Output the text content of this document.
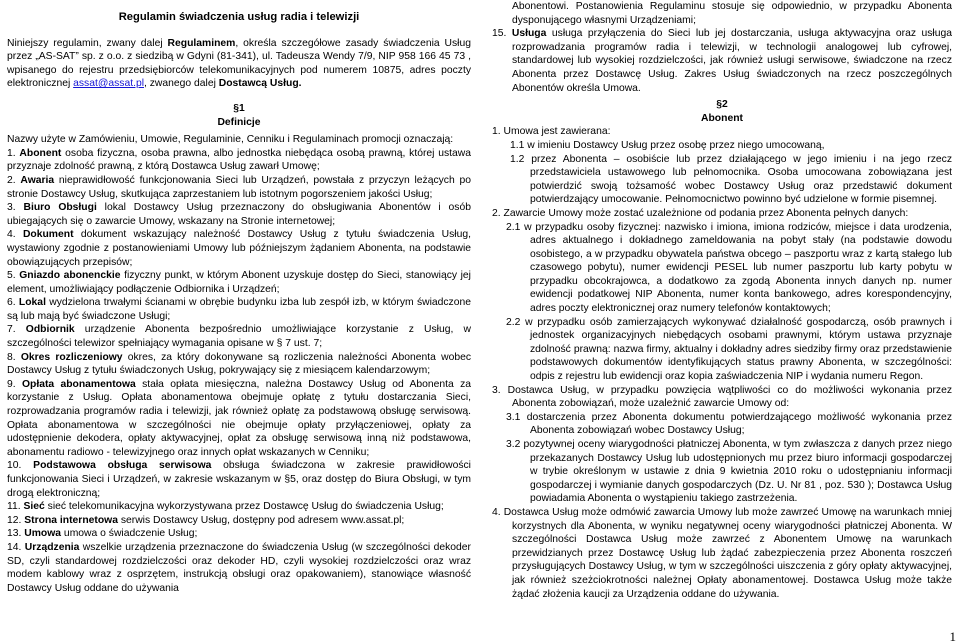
Regulamin świadczenia usług radia i telewizji

Niniejszy regulamin, zwany dalej Regulaminem, określa szczegółowe zasady świadczenia Usług przez „AS-SAT” sp. z o.o. z siedzibą w Gdyni (81-341), ul. Tadeusza Wendy 7/9, NIP 958 166 45 73 , wpisanego do rejestru przedsiębiorców telekomunikacyjnych pod numerem 10875, adres poczty elektronicznej assat@assat.pl, zwanego dalej Dostawcą Usług.

§1
Definicje

Nazwy użyte w Zamówieniu, Umowie, Regulaminie, Cenniku i Regulaminach promocji oznaczają:

1. Abonent osoba fizyczna, osoba prawna, albo jednostka niebędąca osobą prawną, której ustawa przyznaje zdolność prawną, z którą Dostawca Usług zawarł Umowę;

2. Awaria nieprawidłowość funkcjonowania Sieci lub Urządzeń, powstała z przyczyn leżących po stronie Dostawcy Usług, skutkująca zaprzestaniem lub istotnym pogorszeniem jakości Usług;

3. Biuro Obsługi lokal Dostawcy Usług przeznaczony do obsługiwania Abonentów i osób ubiegających się o zawarcie Umowy, wskazany na Stronie internetowej;

4. Dokument dokument wskazujący należność Dostawcy Usług z tytułu świadczenia Usług, wystawiony zgodnie z postanowieniami Umowy lub późniejszym żądaniem Abonenta, na podstawie obowiązujących przepisów;

5. Gniazdo abonenckie fizyczny punkt, w którym Abonent uzyskuje dostęp do Sieci, stanowiący jej element, umożliwiający podłączenie Odbiornika i Urządzeń;

6. Lokal wydzielona trwałymi ścianami w obrębie budynku izba lub zespół izb, w którym świadczone są lub mają być świadczone Usługi;

7. Odbiornik urządzenie Abonenta bezpośrednio umożliwiające korzystanie z Usług, w szczególności telewizor spełniający wymagania opisane w § 7 ust. 7;

8. Okres rozliczeniowy okres, za który dokonywane są rozliczenia należności Abonenta wobec Dostawcy Usług z tytułu świadczonych Usług, pokrywający się z miesiącem kalendarzowym;

9. Opłata abonamentowa stała opłata miesięczna, należna Dostawcy Usług od Abonenta za korzystanie z Usług. Opłata abonamentowa obejmuje opłatę z tytułu dostarczania Sieci, rozprowadzania programów radia i telewizji, jak również opłatę za podstawową obsługę serwisową. Opłata abonamentowa w szczególności nie obejmuje opłaty przyłączeniowej, opłaty za udostępnienie dekodera, opłaty aktywacyjnej, opłat za obsługę serwisową inną niż podstawowa, abonamentu radiowo - telewizyjnego oraz innych opłat wskazanych w Cenniku;

10. Podstawowa obsługa serwisowa obsługa świadczona w zakresie prawidłowości funkcjonowania Sieci i Urządzeń, w zakresie wskazanym w §5, oraz dostęp do Biura Obsługi, w tym drogą elektroniczną;

11. Sieć sieć telekomunikacyjna wykorzystywana przez Dostawcę Usług do świadczenia Usług;

12. Strona internetowa serwis Dostawcy Usług, dostępny pod adresem www.assat.pl;

13. Umowa umowa o świadczenie Usług;

14. Urządzenia wszelkie urządzenia przeznaczone do świadczenia Usług (w szczególności dekoder SD, czyli standardowej rozdzielczości oraz dekoder HD, czyli wysokiej rozdzielczości oraz wraz modem kablowy wraz z osprzętem, instrukcją obsługi oraz opakowaniem), stanowiące własność Dostawcy Usług oddane do używania

Abonentowi. Postanowienia Regulaminu stosuje się odpowiednio, w przypadku Abonenta dysponującego własnymi Urządzeniami;

15. Usługa usługa przyłączenia do Sieci lub jej dostarczania, usługa aktywacyjna oraz usługa rozprowadzania programów radia i telewizji, w technologii analogowej lub cyfrowej, standardowej lub wysokiej rozdzielczości, jak również usługi serwisowe, świadczone na rzecz Abonenta przez Dostawcę Usług. Zakres Usług świadczonych na rzecz poszczególnych Abonentów określa Umowa.

§2
Abonent

1. Umowa jest zawierana:

1.1 w imieniu Dostawcy Usług przez osobę przez niego umocowaną,

1.2 przez Abonenta – osobiście lub przez działającego w jego imieniu i na jego rzecz przedstawiciela ustawowego lub pełnomocnika. Osoba umocowana zobowiązana jest potwierdzić swoją tożsamość wobec Dostawcy Usług oraz przedstawić dokument potwierdzający umocowanie. Pełnomocnictwo powinno być udzielone w formie pisemnej.

2. Zawarcie Umowy może zostać uzależnione od podania przez Abonenta pełnych danych:

2.1 w przypadku osoby fizycznej: nazwisko i imiona, imiona rodziców, miejsce i data urodzenia, adres aktualnego i dokładnego zameldowania na pobyt stały (na podstawie dowodu osobistego, a w przypadku obywatela państwa obcego – paszportu wraz z kartą stałego lub czasowego pobytu), numer ewidencji PESEL lub numer paszportu lub karty pobytu w przypadku obcokrajowca, a dodatkowo za zgodą Abonenta innych danych np. numer ewidencji podatkowej NIP Abonenta, numer konta bankowego, adres korespondencyjny, adres poczty elektronicznej oraz numery telefonów kontaktowych;

2.2 w przypadku osób zamierzających wykonywać działalność gospodarczą, osób prawnych i jednostek organizacyjnych niebędących osobami prawnymi, którym ustawa przyznaje zdolność prawną: nazwa firmy, aktualny i dokładny adres siedziby firmy oraz przedstawienie podstawowych dokumentów identyfikujących status prawny Abonenta, w szczególności: odpis z rejestru lub ewidencji oraz kopia zaświadczenia NIP i wydania numeru Regon.

3. Dostawca Usług, w przypadku powzięcia wątpliwości co do możliwości wykonania przez Abonenta zobowiązań, może uzależnić zawarcie Umowy od:

3.1 dostarczenia przez Abonenta dokumentu potwierdzającego możliwość wykonania przez Abonenta zobowiązań wobec Dostawcy Usług;

3.2 pozytywnej oceny wiarygodności płatniczej Abonenta, w tym zwłaszcza z danych przez niego przekazanych Dostawcy Usług lub udostępnionych mu przez biuro informacji gospodarczej w trybie określonym w ustawie z dnia 9 kwietnia 2010 roku o udostępnianiu informacji gospodarczej i wymianie danych gospodarczych (Dz. U. Nr 81 , poz. 530 ); Dostawca Usług powiadamia Abonenta o wystąpieniu takiego zastrzeżenia.

4. Dostawca Usług może odmówić zawarcia Umowy lub może zawrzeć Umowę na warunkach mniej korzystnych dla Abonenta, w wyniku negatywnej oceny wiarygodności płatniczej Abonenta. W szczególności Dostawca Usług może zawrzeć z Abonentem Umowę na warunkach przewidzianych przez Dostawcę Usług lub żądać zabezpieczenia przez Abonenta roszczeń przysługujących Dostawcy Usług, w tym w szczególności uiszczenia z góry opłaty aktywacyjnej, jak również szeżciokrotności należnej Opłaty abonamentowej. Dostawca Usług może także żądać złożenia kaucji za Urządzenia oddane do używania.

1
